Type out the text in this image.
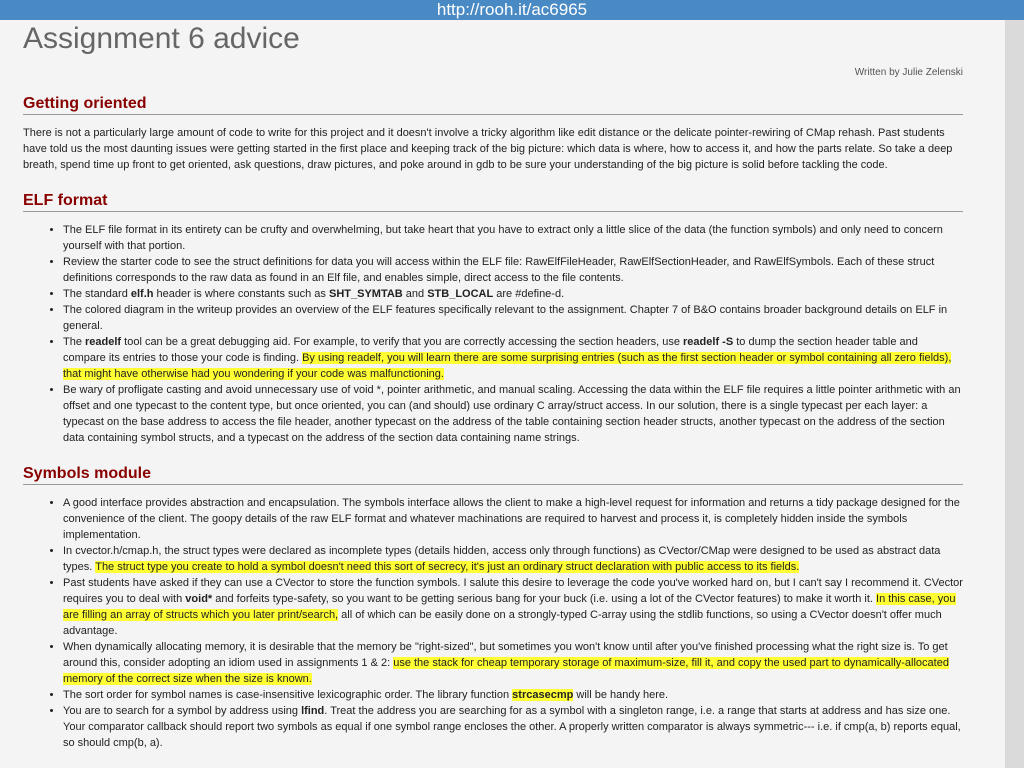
http://rooh.it/ac6965
Assignment 6 advice
Written by Julie Zelenski
Getting oriented

There is not a particularly large amount of code to write for this project and it doesn't involve a tricky algorithm like edit distance or the delicate pointer-rewiring of CMap rehash. Past students have told us the most daunting issues were getting started in the first place and keeping track of the big picture: which data is where, how to access it, and how the parts relate. So take a deep breath, spend time up front to get oriented, ask questions, draw pictures, and poke around in gdb to be sure your understanding of the big picture is solid before tackling the code.

ELF format
• The ELF file format in its entirety can be crufty and overwhelming, but take heart that you have to extract only a little slice of the data (the function symbols) and only need to concern yourself with that portion.
• Review the starter code to see the struct definitions for data you will access within the ELF file: RawElfFileHeader, RawElfSectionHeader, and RawElfSymbols. Each of these struct definitions corresponds to the raw data as found in an Elf file, and enables simple, direct access to the file contents.
• The standard elf.h header is where constants such as SHT_SYMTAB and STB_LOCAL are #define-d.
• The colored diagram in the writeup provides an overview of the ELF features specifically relevant to the assignment. Chapter 7 of B&O contains broader background details on ELF in general.
• The readelf tool can be a great debugging aid. For example, to verify that you are correctly accessing the section headers, use readelf -S to dump the section header table and compare its entries to those your code is finding. By using readelf, you will learn there are some surprising entries (such as the first section header or symbol containing all zero fields), that might have otherwise had you wondering if your code was malfunctioning.
• Be wary of profligate casting and avoid unnecessary use of void *, pointer arithmetic, and manual scaling. Accessing the data within the ELF file requires a little pointer arithmetic with an offset and one typecast to the content type, but once oriented, you can (and should) use ordinary C array/struct access. In our solution, there is a single typecast per each layer: a typecast on the base address to access the file header, another typecast on the address of the table containing section header structs, another typecast on the address of the section data containing symbol structs, and a typecast on the address of the section data containing name strings.
Symbols module
• A good interface provides abstraction and encapsulation. The symbols interface allows the client to make a high-level request for information and returns a tidy package designed for the convenience of the client. The goopy details of the raw ELF format and whatever machinations are required to harvest and process it, is completely hidden inside the symbols implementation.
• In cvector.h/cmap.h, the struct types were declared as incomplete types (details hidden, access only through functions) as CVector/CMap were designed to be used as abstract data types. The struct type you create to hold a symbol doesn't need this sort of secrecy, it's just an ordinary struct declaration with public access to its fields.
• Past students have asked if they can use a CVector to store the function symbols. I salute this desire to leverage the code you've worked hard on, but I can't say I recommend it. CVector requires you to deal with void* and forfeits type-safety, so you want to be getting serious bang for your buck (i.e. using a lot of the CVector features) to make it worth it. In this case, you are filling an array of structs which you later print/search, all of which can be easily done on a strongly-typed C-array using the stdlib functions, so using a CVector doesn't offer much advantage.
• When dynamically allocating memory, it is desirable that the memory be "right-sized", but sometimes you won't know until after you've finished processing what the right size is. To get around this, consider adopting an idiom used in assignments 1 & 2: use the stack for cheap temporary storage of maximum-size, fill it, and copy the used part to dynamically-allocated memory of the correct size when the size is known.
• The sort order for symbol names is case-insensitive lexicographic order. The library function strcasecmp will be handy here.
• You are to search for a symbol by address using lfind. Treat the address you are searching for as a symbol with a singleton range, i.e. a range that starts at address and has size one. Your comparator callback should report two symbols as equal if one symbol range encloses the other. A properly written comparator is always symmetric--- i.e. if cmp(a, b) reports equal, so should cmp(b, a).
